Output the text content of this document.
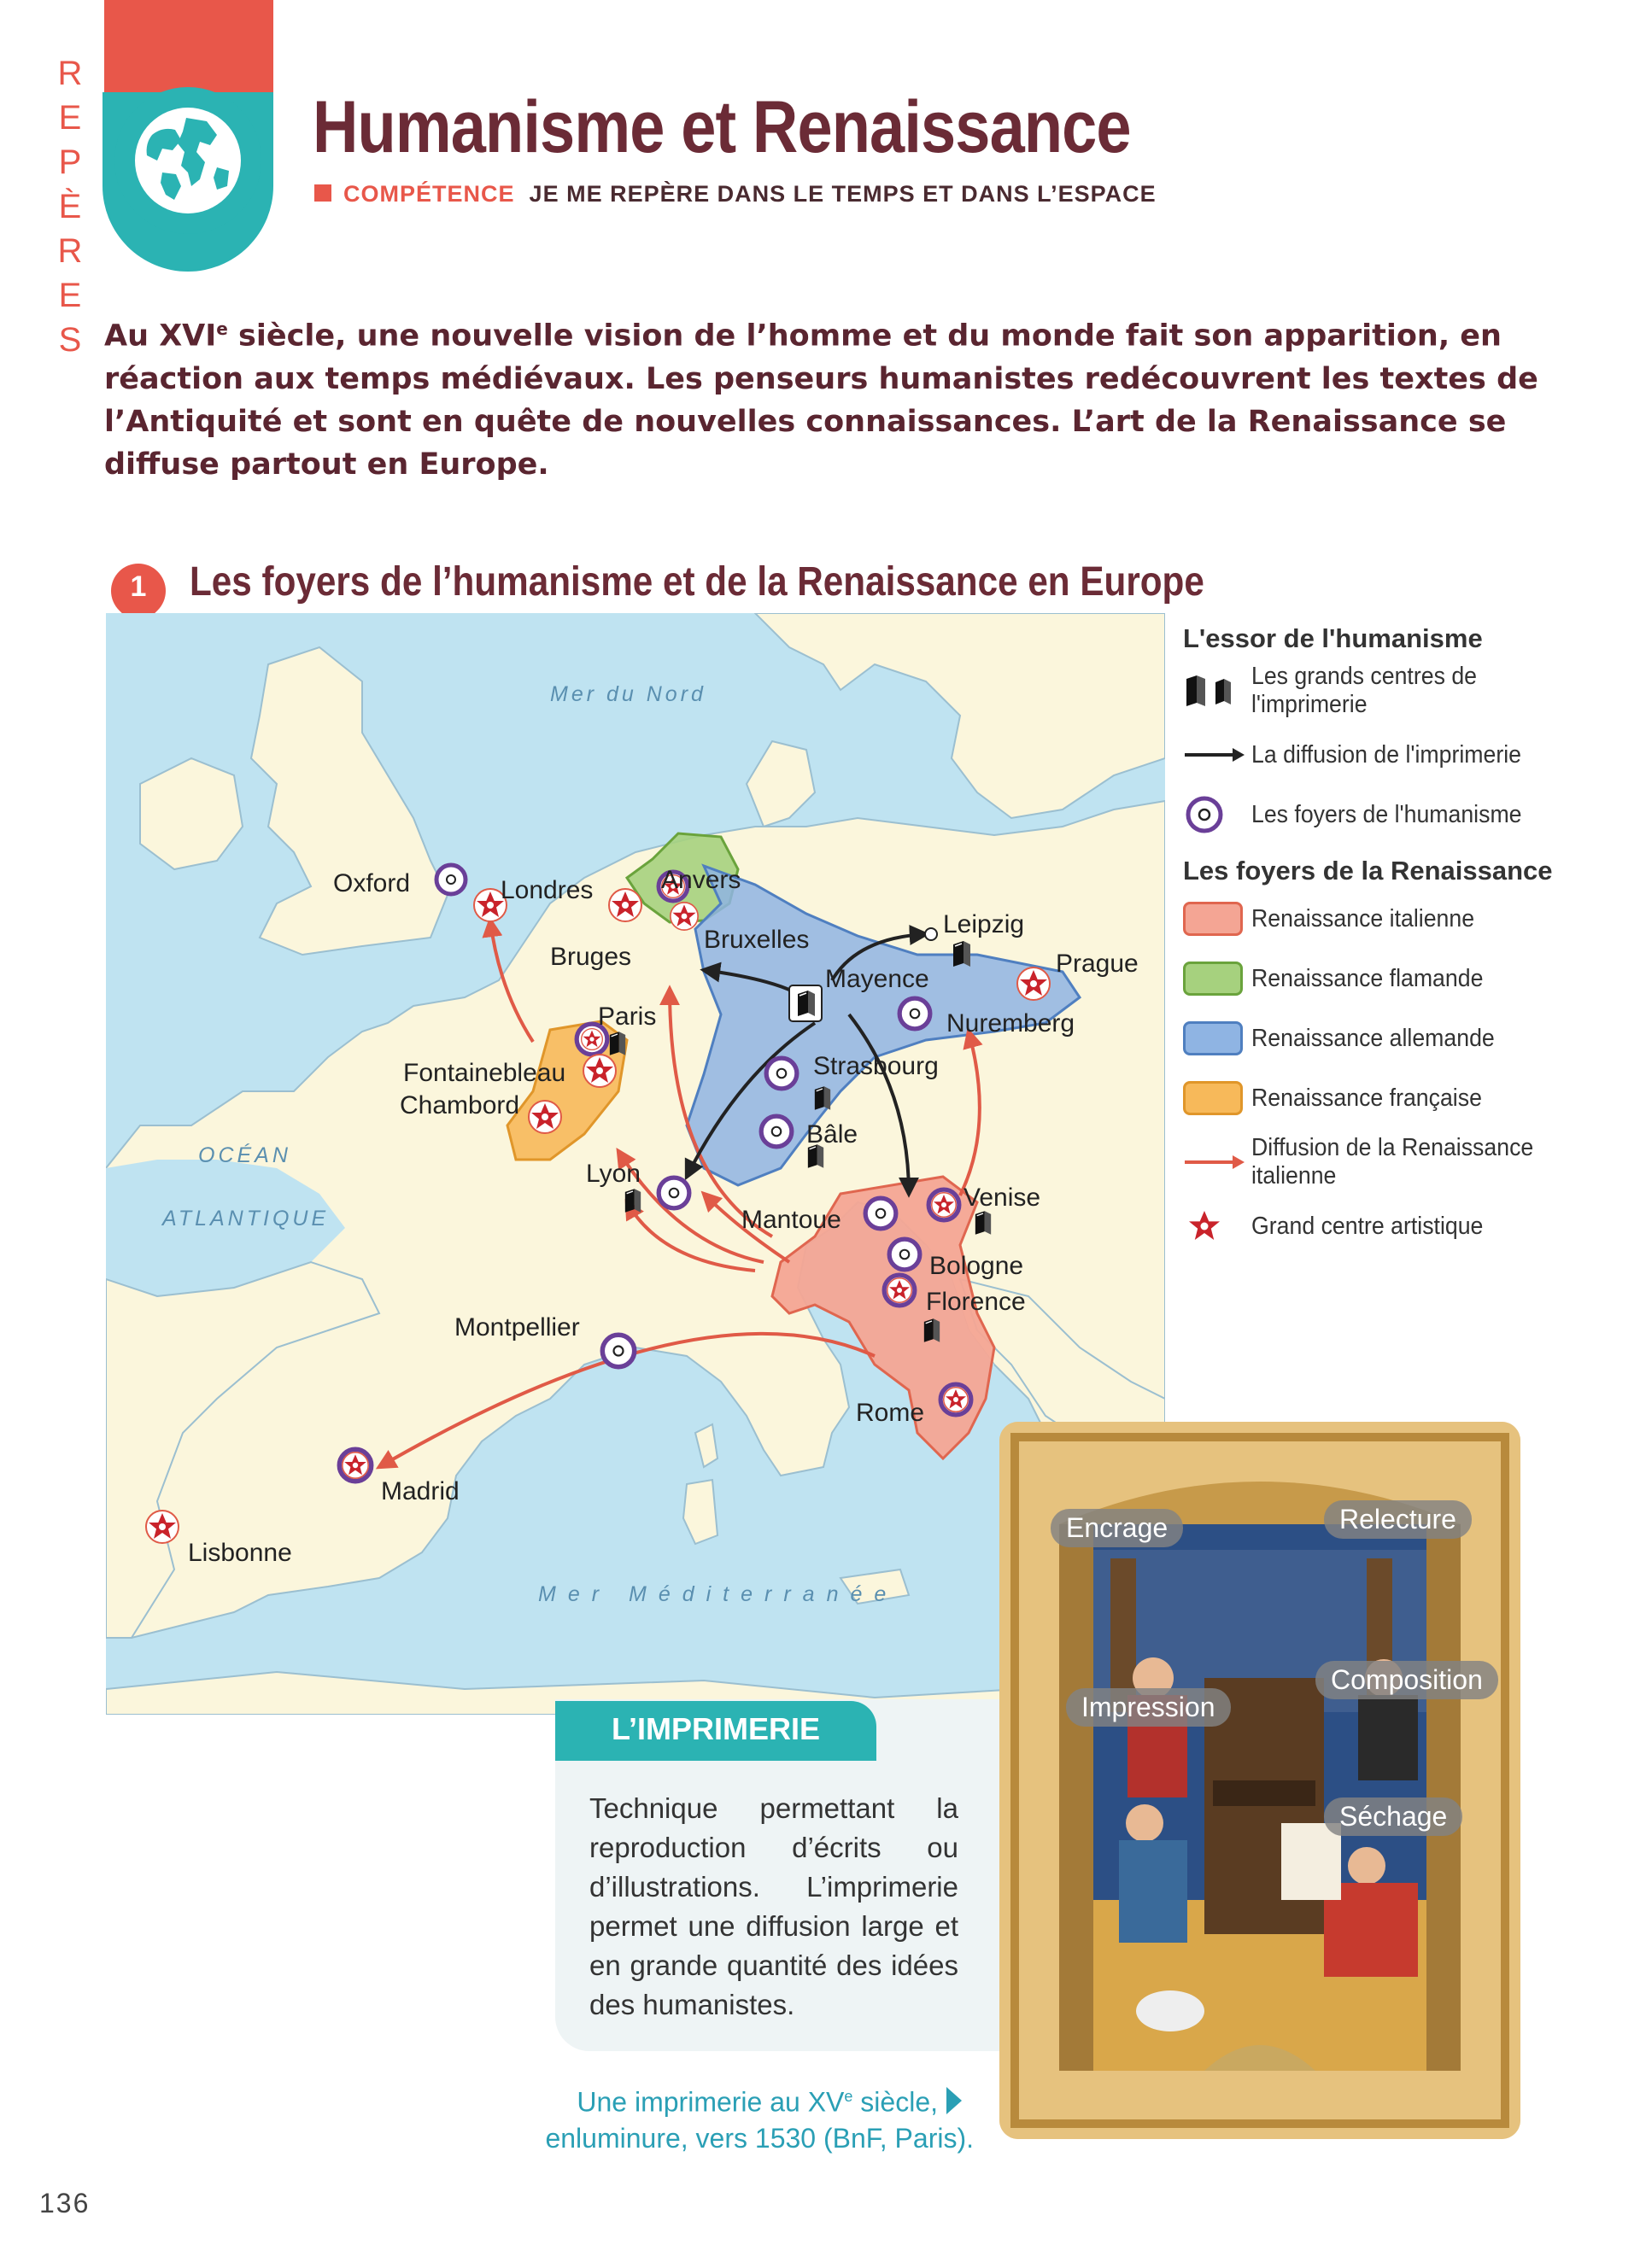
R
E
P
È
R
E
S
Humanisme et Renaissance
COMPÉTENCE JE ME REPÈRE DANS LE TEMPS ET DANS L’ESPACE
Au XVIe siècle, une nouvelle vision de l’homme et du monde fait son apparition, en réaction aux temps médiévaux. Les penseurs humanistes redécouvrent les textes de l’Antiquité et sont en quête de nouvelles connaissances. L’art de la Renaissance se diffuse partout en Europe.
1	Les foyers de l’humanisme et de la Renaissance en Europe
Mer du Nord
OCÉAN
ATLANTIQUE
Mer Méditerranée
Oxford	Londres	Anvers
Bruges
Bruxelles
Leipzig
Prague
Mayence
Nuremberg
Paris
Fontainebleau
Chambord
Strasbourg
Bâle
Lyon
Venise
Mantoue
Bologne
Florence
Montpellier
Rome
Madrid
Lisbonne
L'essor de l'humanisme
Les grands centres de l'imprimerie
La diffusion de l'imprimerie
Les foyers de l'humanisme
Les foyers de la Renaissance
Renaissance italienne
Renaissance flamande
Renaissance allemande
Renaissance française
Diffusion de la Renaissance italienne
Grand centre artistique
L’IMPRIMERIE
Technique permettant la reproduction d’écrits ou d’illustrations. L’imprimerie permet une diffusion large et en grande quantité des idées des humanistes.
Encrage	Relecture
Impression
Composition
Séchage
Une imprimerie au XVe siècle,
enluminure, vers 1530 (BnF, Paris).
136
